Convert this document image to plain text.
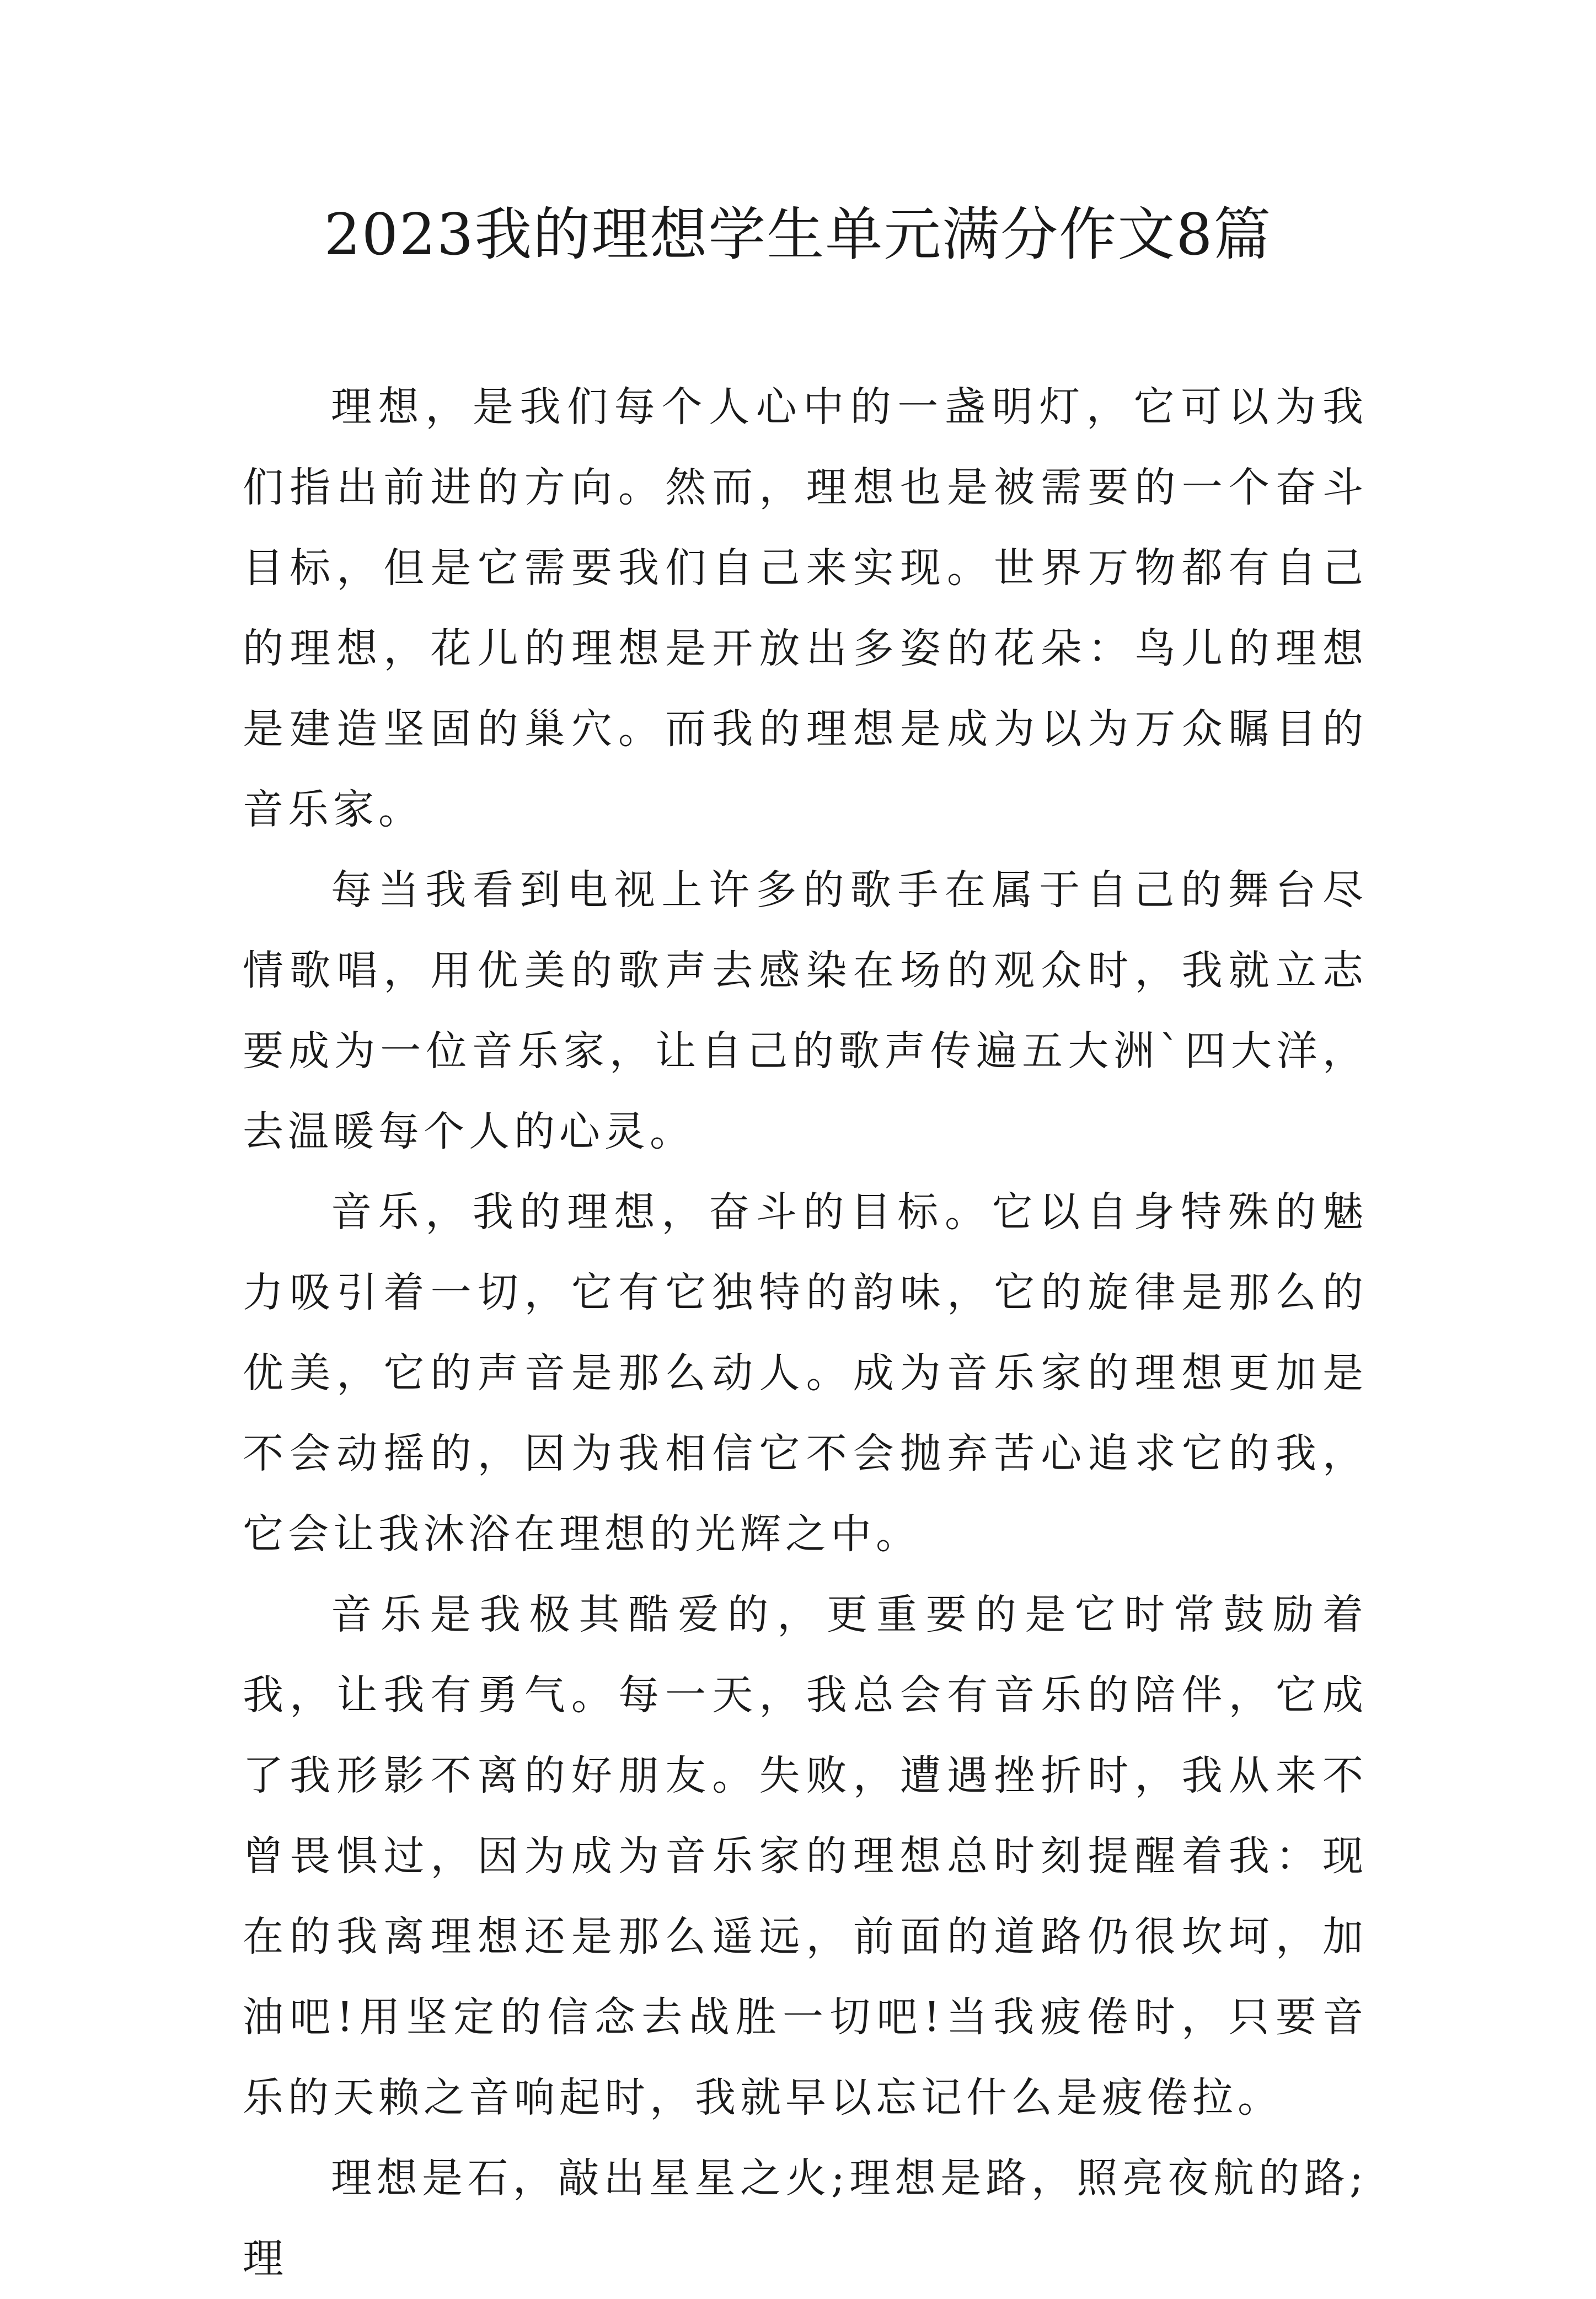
2023我的理想学生单元满分作文8篇

理想，是我们每个人心中的一盏明灯，它可以为我们指出前进的方向。然而，理想也是被需要的一个奋斗目标，但是它需要我们自己来实现。世界万物都有自己的理想，花儿的理想是开放出多姿的花朵：鸟儿的理想是建造坚固的巢穴。而我的理想是成为以为万众瞩目的音乐家。

每当我看到电视上许多的歌手在属于自己的舞台尽情歌唱，用优美的歌声去感染在场的观众时，我就立志要成为一位音乐家，让自己的歌声传遍五大洲`四大洋，去温暖每个人的心灵。

音乐，我的理想，奋斗的目标。它以自身特殊的魅力吸引着一切，它有它独特的韵味，它的旋律是那么的优美，它的声音是那么动人。成为音乐家的理想更加是不会动摇的，因为我相信它不会抛弃苦心追求它的我，它会让我沐浴在理想的光辉之中。

音乐是我极其酷爱的，更重要的是它时常鼓励着我，让我有勇气。每一天，我总会有音乐的陪伴，它成了我形影不离的好朋友。失败，遭遇挫折时，我从来不曾畏惧过，因为成为音乐家的理想总时刻提醒着我：现在的我离理想还是那么遥远，前面的道路仍很坎坷，加油吧!用坚定的信念去战胜一切吧!当我疲倦时，只要音乐的天赖之音响起时，我就早以忘记什么是疲倦拉。

理想是石，敲出星星之火;理想是路，照亮夜航的路;理
